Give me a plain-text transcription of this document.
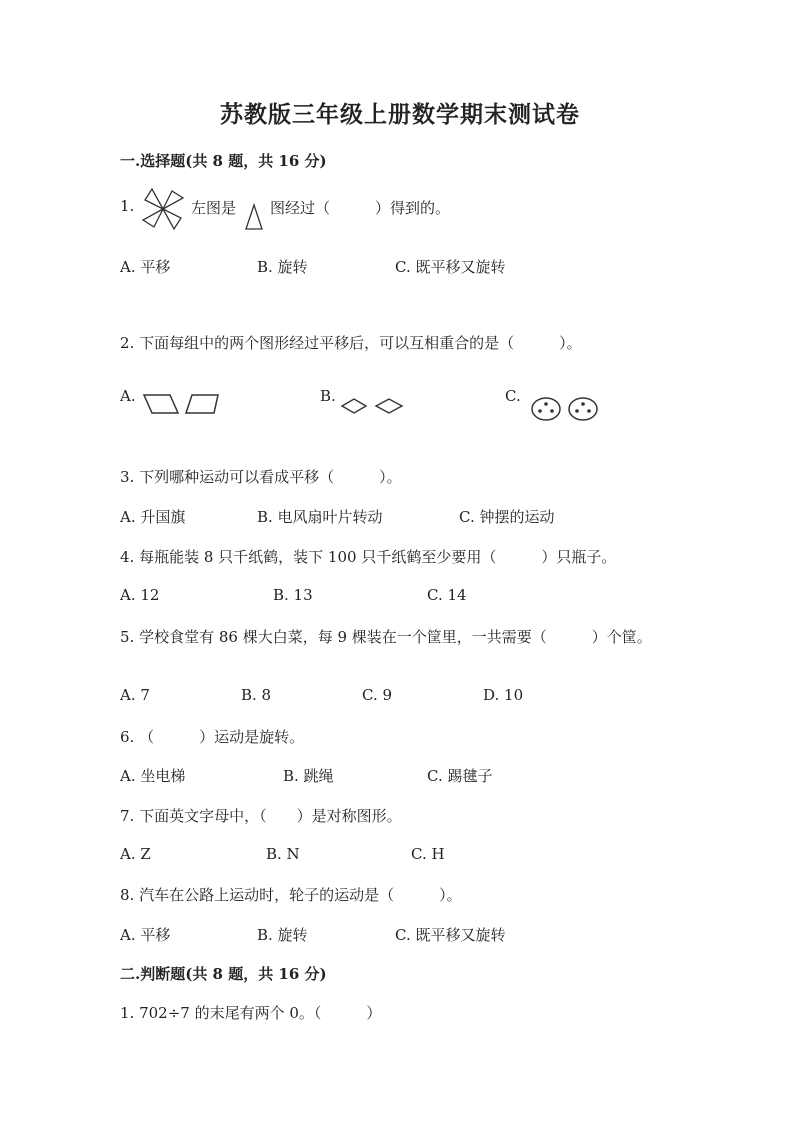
苏教版三年级上册数学期末测试卷
一.选择题(共 8 题，共 16 分)
1.	左图是 图经过（　　　）得到的。
A. 平移	B. 旋转	C. 既平移又旋转
2. 下面每组中的两个图形经过平移后，可以互相重合的是（　　　）。
A.	B.	C.
3. 下列哪种运动可以看成平移（　　　）。
A. 升国旗	B. 电风扇叶片转动	C. 钟摆的运动
4. 每瓶能装 8 只千纸鹤，装下 100 只千纸鹤至少要用（　　　）只瓶子。
A. 12	B. 13	C. 14
5. 学校食堂有 86 棵大白菜，每 9 棵装在一个筐里，一共需要（　　　）个筐。
A. 7	B. 8	C. 9	D. 10
6. （　　　）运动是旋转。
A. 坐电梯	B. 跳绳	C. 踢毽子
7. 下面英文字母中，（　　）是对称图形。
A. Z	B. N	C. H
8. 汽车在公路上运动时，轮子的运动是（　　　）。
A. 平移	B. 旋转	C. 既平移又旋转
二.判断题(共 8 题，共 16 分)
1. 702÷7 的末尾有两个 0。（　　　）
